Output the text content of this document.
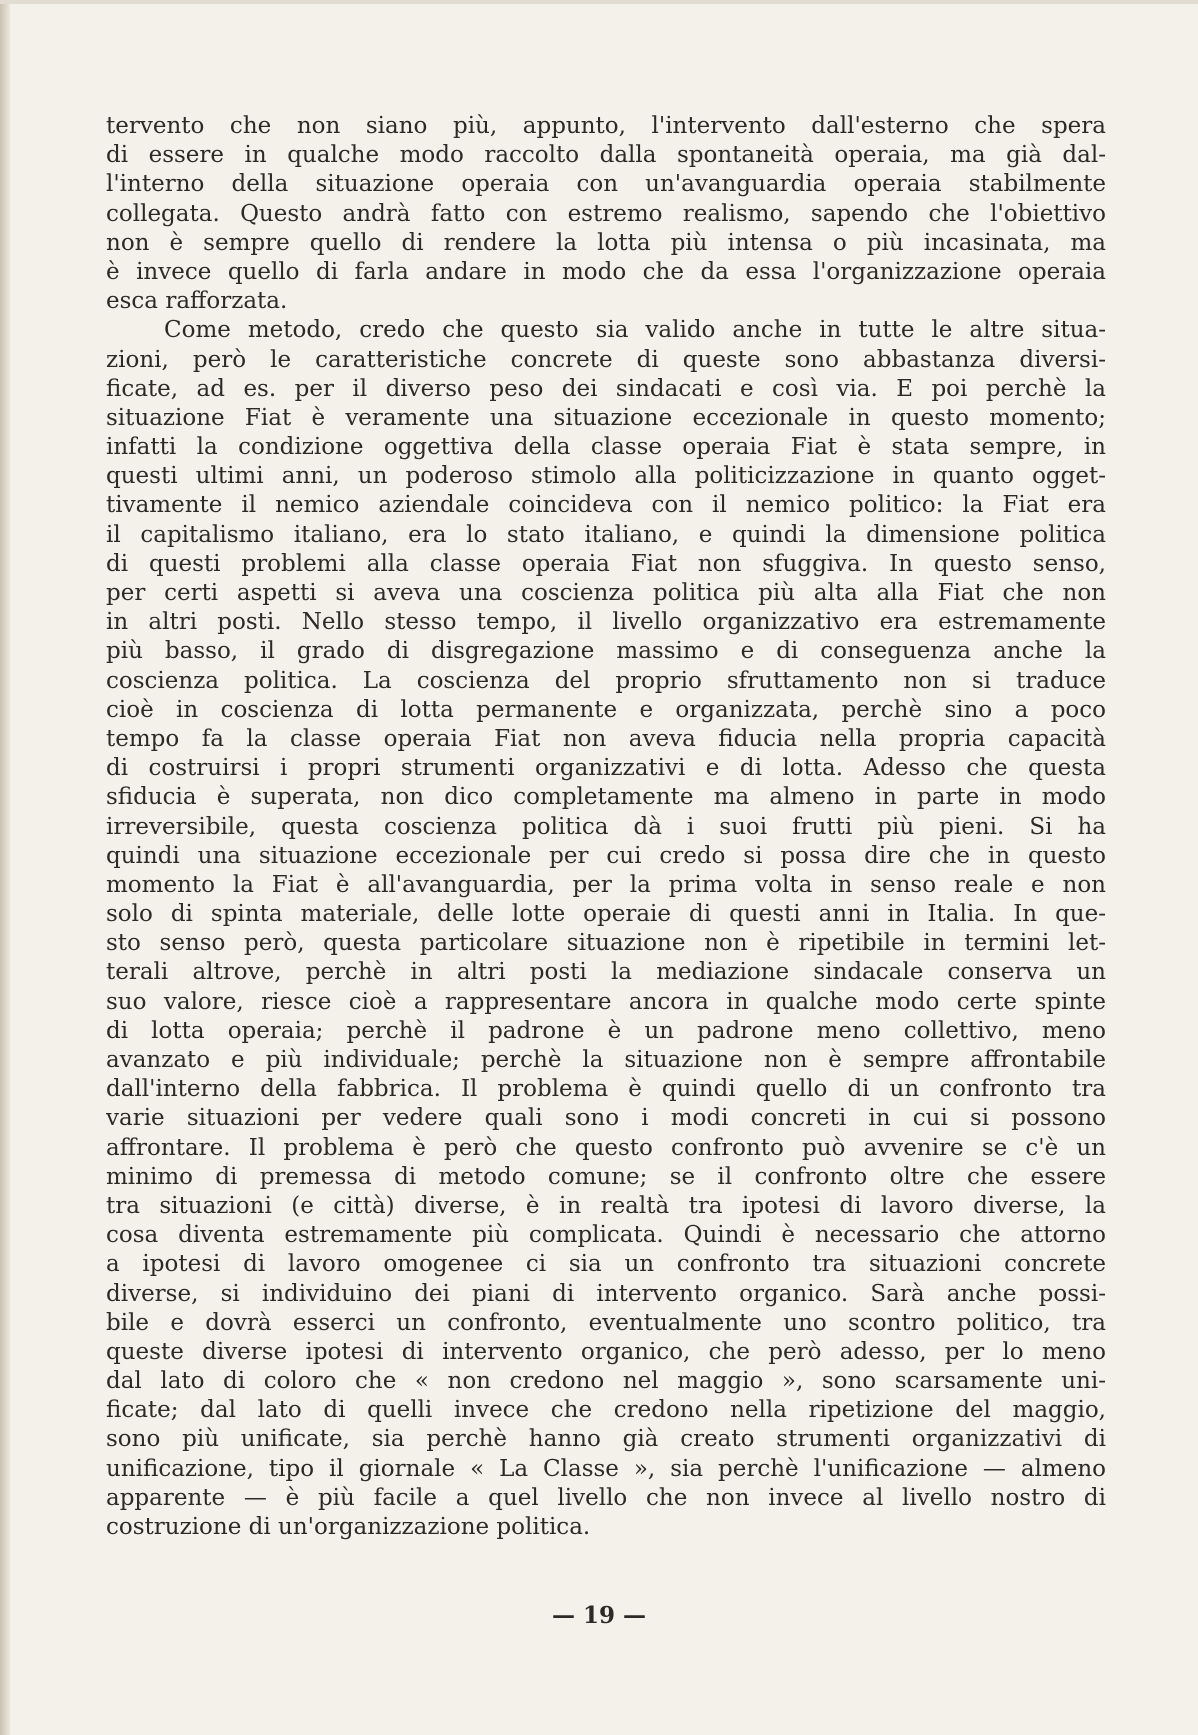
tervento che non siano più, appunto, l'intervento dall'esterno che spera
di essere in qualche modo raccolto dalla spontaneità operaia, ma già dal-
l'interno della situazione operaia con un'avanguardia operaia stabilmente
collegata. Questo andrà fatto con estremo realismo, sapendo che l'obiettivo
non è sempre quello di rendere la lotta più intensa o più incasinata, ma
è invece quello di farla andare in modo che da essa l'organizzazione operaia
esca rafforzata.
Come metodo, credo che questo sia valido anche in tutte le altre situa-
zioni, però le caratteristiche concrete di queste sono abbastanza diversi-
ficate, ad es. per il diverso peso dei sindacati e così via. E poi perchè la
situazione Fiat è veramente una situazione eccezionale in questo momento;
infatti la condizione oggettiva della classe operaia Fiat è stata sempre, in
questi ultimi anni, un poderoso stimolo alla politicizzazione in quanto ogget-
tivamente il nemico aziendale coincideva con il nemico politico: la Fiat era
il capitalismo italiano, era lo stato italiano, e quindi la dimensione politica
di questi problemi alla classe operaia Fiat non sfuggiva. In questo senso,
per certi aspetti si aveva una coscienza politica più alta alla Fiat che non
in altri posti. Nello stesso tempo, il livello organizzativo era estremamente
più basso, il grado di disgregazione massimo e di conseguenza anche la
coscienza politica. La coscienza del proprio sfruttamento non si traduce
cioè in coscienza di lotta permanente e organizzata, perchè sino a poco
tempo fa la classe operaia Fiat non aveva fiducia nella propria capacità
di costruirsi i propri strumenti organizzativi e di lotta. Adesso che questa
sfiducia è superata, non dico completamente ma almeno in parte in modo
irreversibile, questa coscienza politica dà i suoi frutti più pieni. Si ha
quindi una situazione eccezionale per cui credo si possa dire che in questo
momento la Fiat è all'avanguardia, per la prima volta in senso reale e non
solo di spinta materiale, delle lotte operaie di questi anni in Italia. In que-
sto senso però, questa particolare situazione non è ripetibile in termini let-
terali altrove, perchè in altri posti la mediazione sindacale conserva un
suo valore, riesce cioè a rappresentare ancora in qualche modo certe spinte
di lotta operaia; perchè il padrone è un padrone meno collettivo, meno
avanzato e più individuale; perchè la situazione non è sempre affrontabile
dall'interno della fabbrica. Il problema è quindi quello di un confronto tra
varie situazioni per vedere quali sono i modi concreti in cui si possono
affrontare. Il problema è però che questo confronto può avvenire se c'è un
minimo di premessa di metodo comune; se il confronto oltre che essere
tra situazioni (e città) diverse, è in realtà tra ipotesi di lavoro diverse, la
cosa diventa estremamente più complicata. Quindi è necessario che attorno
a ipotesi di lavoro omogenee ci sia un confronto tra situazioni concrete
diverse, si individuino dei piani di intervento organico. Sarà anche possi-
bile e dovrà esserci un confronto, eventualmente uno scontro politico, tra
queste diverse ipotesi di intervento organico, che però adesso, per lo meno
dal lato di coloro che « non credono nel maggio », sono scarsamente uni-
ficate; dal lato di quelli invece che credono nella ripetizione del maggio,
sono più unificate, sia perchè hanno già creato strumenti organizzativi di
unificazione, tipo il giornale « La Classe », sia perchè l'unificazione — almeno
apparente — è più facile a quel livello che non invece al livello nostro di
costruzione di un'organizzazione politica.
— 19 —
